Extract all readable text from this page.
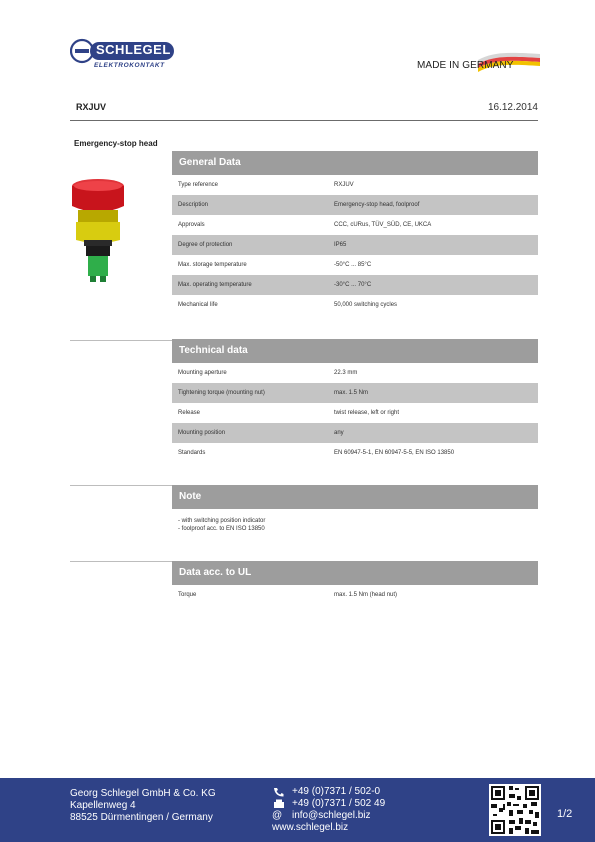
SCHLEGEL
ELEKTROKONTAKT	MADE IN GERMANY
RXJUV	16.12.2014
Emergency-stop head
General Data
Type reference	RXJUV
Description	Emergency-stop head, foolproof
Approvals	CCC, cURus, TÜV_SÜD, CE, UKCA
Degree of protection	IP65
Max. storage temperature	-50°C ... 85°C
Max. operating temperature	-30°C ... 70°C
Mechanical life	50,000 switching cycles
Technical data
Mounting aperture	22.3 mm
Tightening torque (mounting nut)	max. 1.5 Nm
Release	twist release, left or right
Mounting position	any
Standards	EN 60947-5-1, EN 60947-5-5, EN ISO 13850
Note
- with switching position indicator
- foolproof acc. to EN ISO 13850
Data acc. to UL
Torque	max. 1.5 Nm (head nut)
Georg Schlegel GmbH & Co. KG
Kapellenweg 4
88525 Dürmentingen / Germany
+49 (0)7371 / 502-0
+49 (0)7371 / 502 49
@ info@schlegel.biz
www.schlegel.biz
1/2
